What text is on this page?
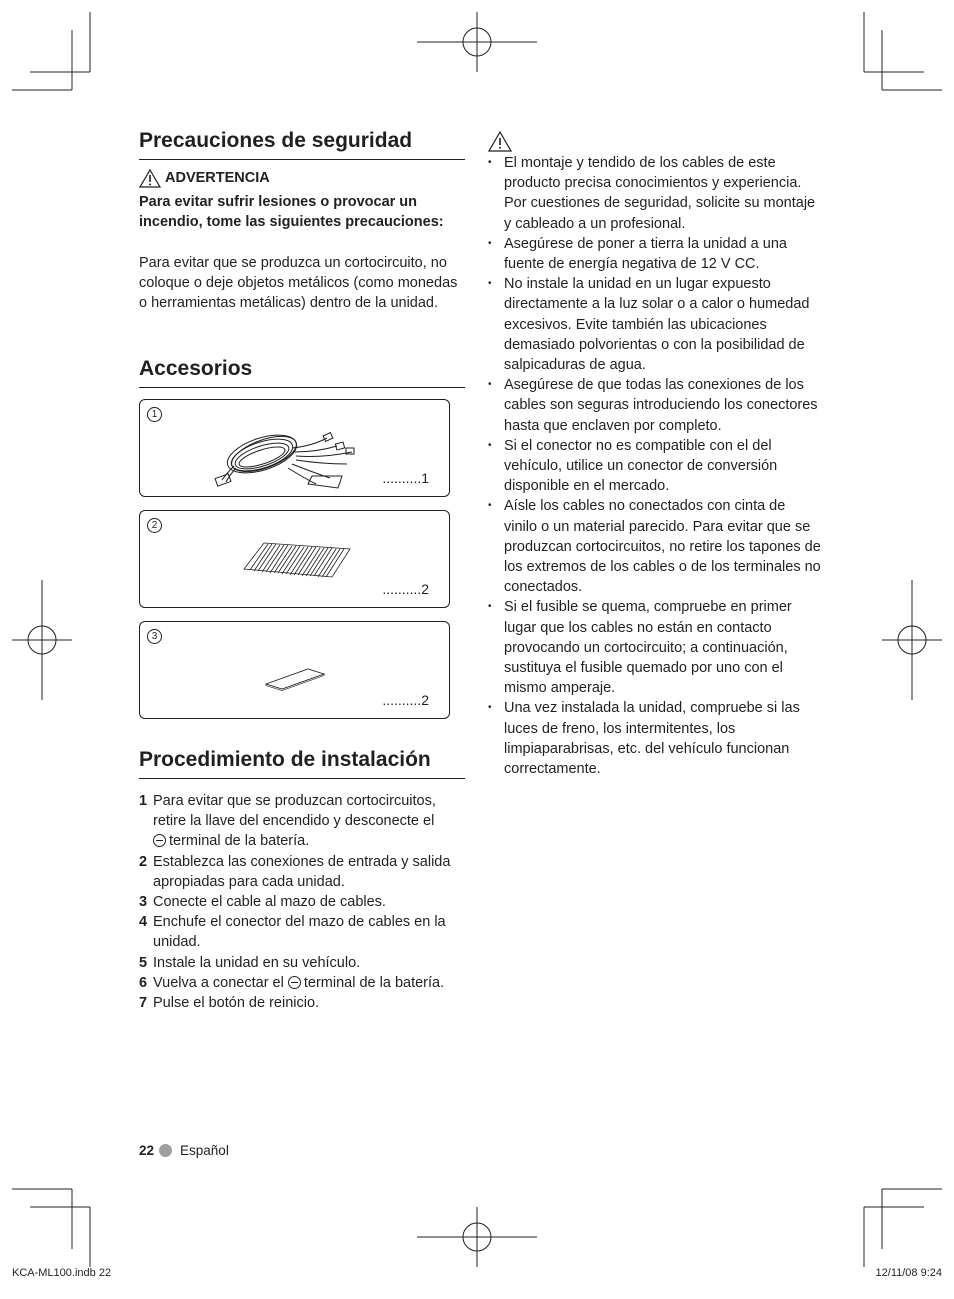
Precauciones de seguridad
ADVERTENCIA
Para evitar sufrir lesiones o provocar un incendio, tome las siguientes precauciones:
Para evitar que se produzca un cortocircuito, no coloque o deje objetos metálicos (como monedas o herramientas metálicas) dentro de la unidad.
Accesorios
1
..........1
2
..........2
3
..........2
Procedimiento de instalación
1 Para evitar que se produzcan cortocircuitos, retire la llave del encendido y desconecte el
terminal de la batería.
2 Establezca las conexiones de entrada y salida apropiadas para cada unidad.
3 Conecte el cable al mazo de cables.
4 Enchufe el conector del mazo de cables en la unidad.
5 Instale la unidad en su vehículo.
6 Vuelva a conectar el terminal de la batería.
7 Pulse el botón de reinicio.
• El montaje y tendido de los cables de este producto precisa conocimientos y experiencia. Por cuestiones de seguridad, solicite su montaje y cableado a un profesional.
• Asegúrese de poner a tierra la unidad a una fuente de energía negativa de 12 V CC.
• No instale la unidad en un lugar expuesto directamente a la luz solar o a calor o humedad excesivos. Evite también las ubicaciones demasiado polvorientas o con la posibilidad de salpicaduras de agua.
• Asegúrese de que todas las conexiones de los cables son seguras introduciendo los conectores hasta que enclaven por completo.
• Si el conector no es compatible con el del vehículo, utilice un conector de conversión disponible en el mercado.
• Aísle los cables no conectados con cinta de vinilo o un material parecido. Para evitar que se produzcan cortocircuitos, no retire los tapones de los extremos de los cables o de los terminales no conectados.
• Si el fusible se quema, compruebe en primer lugar que los cables no están en contacto provocando un cortocircuito; a continuación, sustituya el fusible quemado por uno con el mismo amperaje.
• Una vez instalada la unidad, compruebe si las luces de freno, los intermitentes, los limpiaparabrisas, etc. del vehículo funcionan correctamente.
22 Español
KCA-ML100.indb 22	12/11/08 9:24
